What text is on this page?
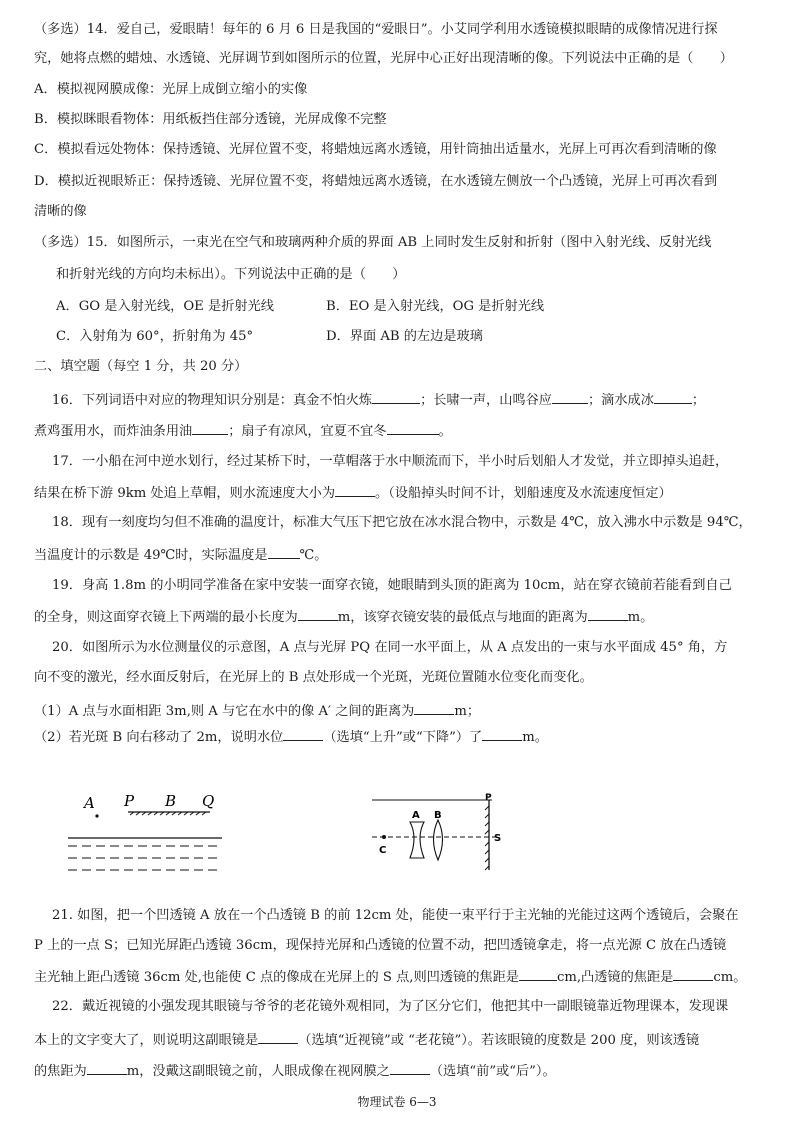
（多选）14．爱自己，爱眼睛！每年的 6 月 6 日是我国的“爱眼日”。小艾同学利用水透镜模拟眼睛的成像情况进行探
究，她将点燃的蜡烛、水透镜、光屏调节到如图所示的位置，光屏中心正好出现清晰的像。下列说法中正确的是（　　）
A．模拟视网膜成像：光屏上成倒立缩小的实像
B．模拟眯眼看物体：用纸板挡住部分透镜，光屏成像不完整
C．模拟看远处物体：保持透镜、光屏位置不变，将蜡烛远离水透镜，用针筒抽出适量水，光屏上可再次看到清晰的像
D．模拟近视眼矫正：保持透镜、光屏位置不变，将蜡烛远离水透镜，在水透镜左侧放一个凸透镜，光屏上可再次看到
清晰的像
（多选）15．如图所示，一束光在空气和玻璃两种介质的界面 AB 上同时发生反射和折射（图中入射光线、反射光线
和折射光线的方向均未标出）。下列说法中正确的是（　　）
A．GO 是入射光线，OE 是折射光线	B．EO 是入射光线，OG 是折射光线
C．入射角为 60°，折射角为 45°	D．界面 AB 的左边是玻璃
二、填空题（每空 1 分，共 20 分）
16．下列词语中对应的物理知识分别是：真金不怕火炼	；长啸一声，山鸣谷应	；滴水成冰	；
煮鸡蛋用水，而炸油条用油	；扇子有凉风，宜夏不宜冬	。
17．一小船在河中逆水划行，经过某桥下时，一草帽落于水中顺流而下，半小时后划船人才发觉，并立即掉头追赶，
结果在桥下游 9km 处追上草帽，则水流速度大小为	。（设船掉头时间不计，划船速度及水流速度恒定）
18．现有一刻度均匀但不准确的温度计，标准大气压下把它放在冰水混合物中，示数是 4℃，放入沸水中示数是 94℃，
当温度计的示数是 49℃时，实际温度是 ℃。
19．身高 1.8m 的小明同学准备在家中安装一面穿衣镜，她眼睛到头顶的距离为 10cm，站在穿衣镜前若能看到自己
的全身，则这面穿衣镜上下两端的最小长度为	m，该穿衣镜安装的最低点与地面的距离为	m。
20．如图所示为水位测量仪的示意图，A 点与光屏 PQ 在同一水平面上，从 A 点发出的一束与水平面成 45° 角，方
向不变的激光，经水面反射后，在光屏上的 B 点处形成一个光斑，光斑位置随水位变化而变化。
（1）A 点与水面相距 3m,则 A 与它在水中的像 A′ 之间的距离为	m；
（2）若光斑 B 向右移动了 2m，说明水位	（选填“上升”或“下降”）了	m。
A P B Q
C
A B
P
S
21. 如图，把一个凹透镜 A 放在一个凸透镜 B 的前 12cm 处，能使一束平行于主光轴的光能过这两个透镜后，会聚在
P 上的一点 S；已知光屏距凸透镜 36cm，现保持光屏和凸透镜的位置不动，把凹透镜拿走，将一点光源 C 放在凸透镜
主光轴上距凸透镜 36cm 处,也能使 C 点的像成在光屏上的 S 点,则凹透镜的焦距是	cm,凸透镜的焦距是	cm。
22．戴近视镜的小强发现其眼镜与爷爷的老花镜外观相同，为了区分它们，他把其中一副眼镜靠近物理课本，发现课
本上的文字变大了，则说明这副眼镜是	（选填“近视镜”或 “老花镜”）。若该眼镜的度数是 200 度，则该透镜
的焦距为	m，没戴这副眼镜之前，人眼成像在视网膜之	（选填“前”或“后”）。
物理试卷 6—3
